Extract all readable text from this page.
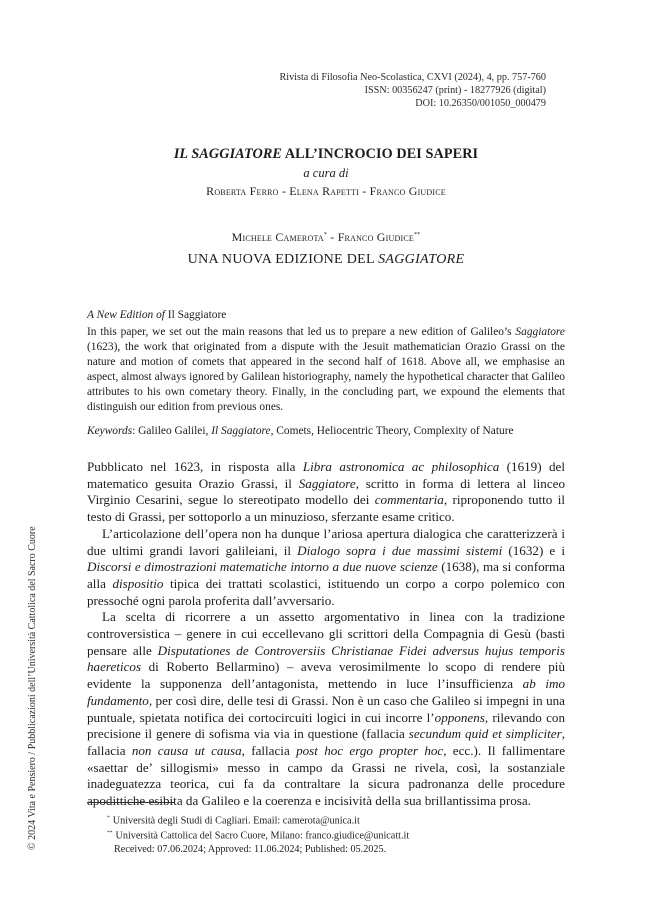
Rivista di Filosofia Neo-Scolastica, CXVI (2024), 4, pp. 757-760
ISSN: 00356247 (print) - 18277926 (digital)
DOI: 10.26350/001050_000479
IL SAGGIATORE ALL’INCROCIO DEI SAPERI
a cura di
Roberta Ferro - Elena Rapetti - Franco Giudice
Michele Camerota* - Franco Giudice**
UNA NUOVA EDIZIONE DEL SAGGIATORE
A New Edition of Il Saggiatore
In this paper, we set out the main reasons that led us to prepare a new edition of Galileo’s Saggiatore (1623), the work that originated from a dispute with the Jesuit mathematician Orazio Grassi on the nature and motion of comets that appeared in the second half of 1618. Above all, we emphasise an aspect, almost always ignored by Galilean historiography, namely the hypothetical character that Galileo attributes to his own cometary theory. Finally, in the concluding part, we expound the elements that distinguish our edition from previous ones.
Keywords: Galileo Galilei, Il Saggiatore, Comets, Heliocentric Theory, Complexity of Nature

Pubblicato nel 1623, in risposta alla Libra astronomica ac philosophica (1619) del matematico gesuita Orazio Grassi, il Saggiatore, scritto in forma di lettera al linceo Virginio Cesarini, segue lo stereotipato modello dei commentaria, riproponendo tutto il testo di Grassi, per sottoporlo a un minuzioso, sferzante esame critico.

L’articolazione dell’opera non ha dunque l’ariosa apertura dialogica che caratterizzerà i due ultimi grandi lavori galileiani, il Dialogo sopra i due massimi sistemi (1632) e i Discorsi e dimostrazioni matematiche intorno a due nuove scienze (1638), ma si conforma alla dispositio tipica dei trattati scolastici, istituendo un corpo a corpo polemico con pressoché ogni parola proferita dall’avversario.

La scelta di ricorrere a un assetto argomentativo in linea con la tradizione controversistica – genere in cui eccellevano gli scrittori della Compagnia di Gesù (basti pensare alle Disputationes de Controversiis Christianae Fidei adversus hujus temporis haereticos di Roberto Bellarmino) – aveva verosimilmente lo scopo di rendere più evidente la supponenza dell’antagonista, mettendo in luce l’insufficienza ab imo fundamento, per così dire, delle tesi di Grassi. Non è un caso che Galileo si impegni in una puntuale, spietata notifica dei cortocircuiti logici in cui incorre l’opponens, rilevando con precisione il genere di sofisma via via in questione (fallacia secundum quid et simpliciter, fallacia non causa ut causa, fallacia post hoc ergo propter hoc, ecc.). Il fallimentare «saettar de’ sillogismi» messo in campo da Grassi ne rivela, così, la sostanziale inadeguatezza teorica, cui fa da contraltare la sicura padronanza delle procedure apodittiche esibita da Galileo e la coerenza e incisività della sua brillantissima prosa.

* Università degli Studi di Cagliari. Email: camerota@unica.it
** Università Cattolica del Sacro Cuore, Milano: franco.giudice@unicatt.it
Received: 07.06.2024; Approved: 11.06.2024; Published: 05.2025.
© 2024 Vita e Pensiero / Pubblicazioni dell’Università Cattolica del Sacro Cuore
